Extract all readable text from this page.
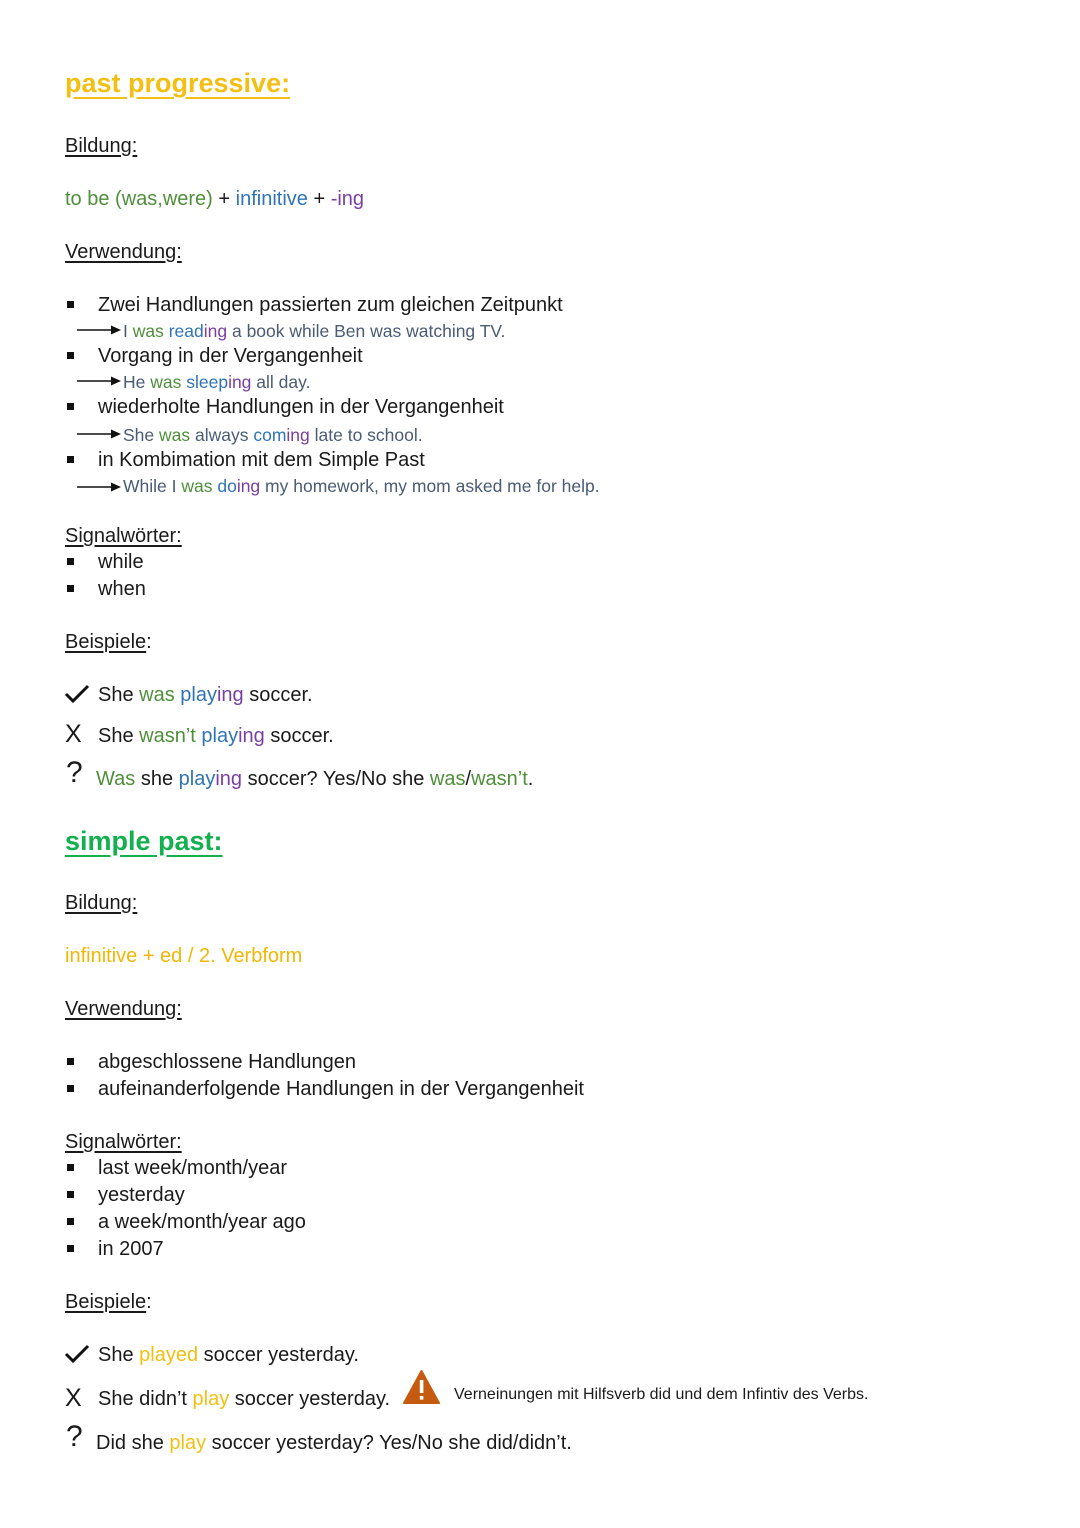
past progressive:
Bildung:
to be (was,were) + infinitive + -ing
Verwendung:
Zwei Handlungen passierten zum gleichen Zeitpunkt
I was reading a book while Ben was watching TV.
Vorgang in der Vergangenheit
He was sleeping all day.
wiederholte Handlungen in der Vergangenheit
She was always coming late to school.
in Kombimation mit dem Simple Past
While I was doing my homework, my mom asked me for help.
Signalwörter:
while
when
Beispiele:
She was playing soccer.
X She wasn’t playing soccer.
? Was she playing soccer? Yes/No she was/wasn’t.
simple past:
Bildung:
infinitive + ed / 2. Verbform
Verwendung:
abgeschlossene Handlungen
aufeinanderfolgende Handlungen in der Vergangenheit
Signalwörter:
last week/month/year
yesterday
a week/month/year ago
in 2007
Beispiele:
She played soccer yesterday.
X She didn’t play soccer yesterday.	Verneinungen mit Hilfsverb did und dem Infintiv des Verbs.
? Did she play soccer yesterday? Yes/No she did/didn’t.
